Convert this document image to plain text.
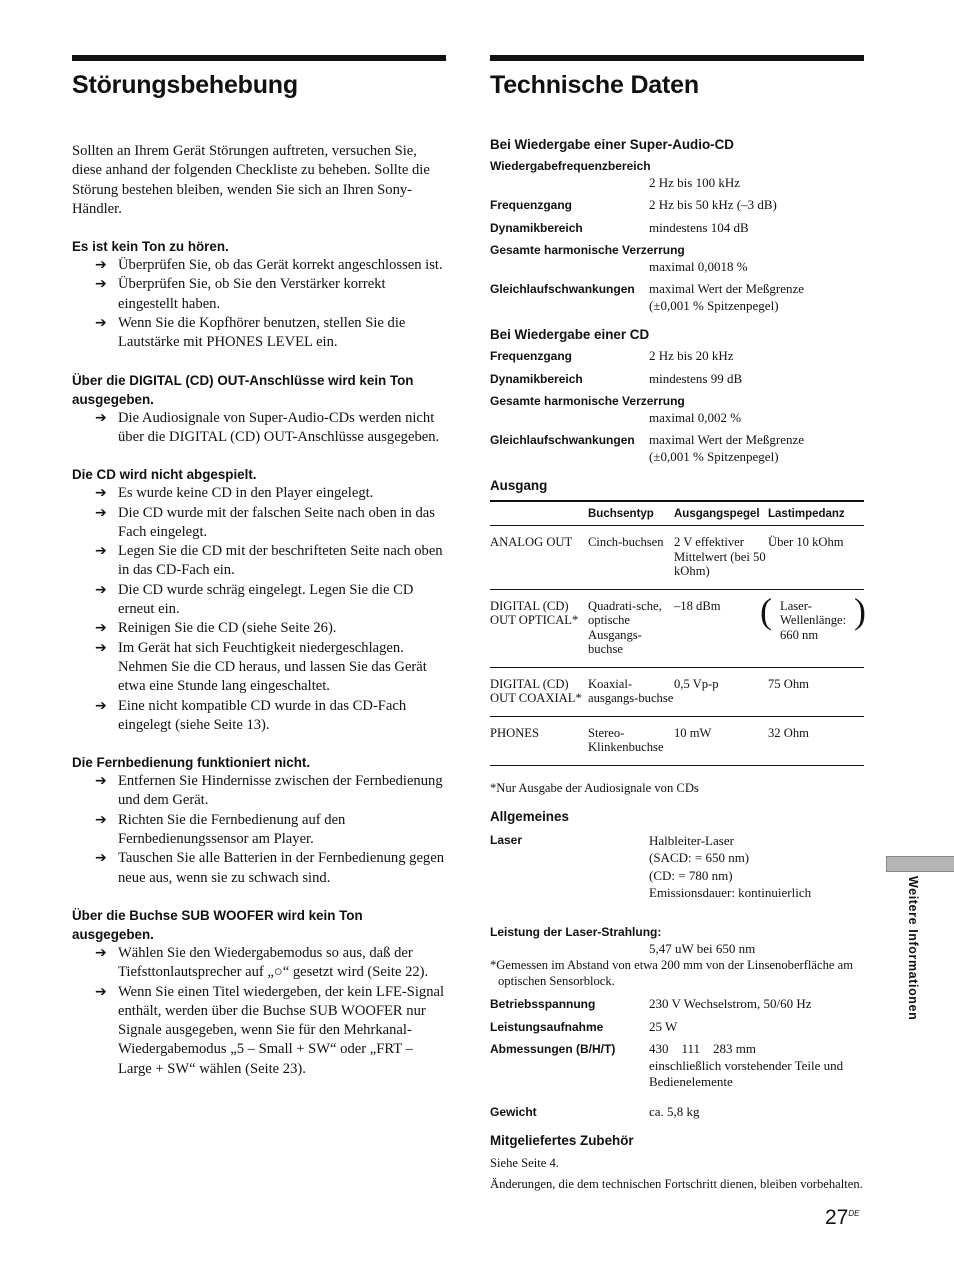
Störungsbehebung
Sollten an Ihrem Gerät Störungen auftreten, versuchen Sie, diese anhand der folgenden Checkliste zu beheben. Sollte die Störung bestehen bleiben, wenden Sie sich an Ihren Sony-Händler.
Es ist kein Ton zu hören.
➔ Überprüfen Sie, ob das Gerät korrekt angeschlossen ist.
➔ Überprüfen Sie, ob Sie den Verstärker korrekt eingestellt haben.
➔ Wenn Sie die Kopfhörer benutzen, stellen Sie die Lautstärke mit PHONES LEVEL ein.
Über die DIGITAL (CD) OUT-Anschlüsse wird kein Ton ausgegeben.
➔ Die Audiosignale von Super-Audio-CDs werden nicht über die DIGITAL (CD) OUT-Anschlüsse ausgegeben.
Die CD wird nicht abgespielt.
➔ Es wurde keine CD in den Player eingelegt.
➔ Die CD wurde mit der falschen Seite nach oben in das Fach eingelegt.
➔ Legen Sie die CD mit der beschrifteten Seite nach oben in das CD-Fach ein.
➔ Die CD wurde schräg eingelegt. Legen Sie die CD erneut ein.
➔ Reinigen Sie die CD (siehe Seite 26).
➔ Im Gerät hat sich Feuchtigkeit niedergeschlagen. Nehmen Sie die CD heraus, und lassen Sie das Gerät etwa eine Stunde lang eingeschaltet.
➔ Eine nicht kompatible CD wurde in das CD-Fach eingelegt (siehe Seite 13).
Die Fernbedienung funktioniert nicht.
➔ Entfernen Sie Hindernisse zwischen der Fernbedienung und dem Gerät.
➔ Richten Sie die Fernbedienung auf den Fernbedienungssensor am Player.
➔ Tauschen Sie alle Batterien in der Fernbedienung gegen neue aus, wenn sie zu schwach sind.
Über die Buchse SUB WOOFER wird kein Ton ausgegeben.
➔ Wählen Sie den Wiedergabemodus so aus, daß der Tiefsttonlautsprecher auf „○“ gesetzt wird (Seite 22).
➔ Wenn Sie einen Titel wiedergeben, der kein LFE-Signal enthält, werden über die Buchse SUB WOOFER nur Signale ausgegeben, wenn Sie für den Mehrkanal-Wiedergabemodus „5 – Small + SW“ oder „FRT – Large + SW“ wählen (Seite 23).
Technische Daten
Bei Wiedergabe einer Super-Audio-CD
Wiedergabefrequenzbereich
2 Hz bis 100 kHz
Frequenzgang	2 Hz bis 50 kHz (–3 dB)
Dynamikbereich	mindestens 104 dB
Gesamte harmonische Verzerrung
maximal 0,0018 %
Gleichlaufschwankungen	maximal Wert der Meßgrenze
(±0,001 % Spitzenpegel)
Bei Wiedergabe einer CD
Frequenzgang	2 Hz bis 20 kHz
Dynamikbereich	mindestens 99 dB
Gesamte harmonische Verzerrung
maximal 0,002 %
Gleichlaufschwankungen	maximal Wert der Meßgrenze
(±0,001 % Spitzenpegel)
Ausgang
	Buchsentyp	Ausgangspegel	Lastimpedanz
ANALOG OUT	Cinch-buchsen	2 V effektiver Mittelwert (bei 50 kOhm)	Über 10 kOhm
DIGITAL (CD) OUT OPTICAL*	Quadrati-sche, optische Ausgangs-buchse	–18 dBm	( Laser-Wellenlänge: 660 nm )

DIGITAL (CD) OUT COAXIAL*	Koaxial-ausgangs-buchse	0,5 Vp-p	75 Ohm
PHONES	Stereo-Klinkenbuchse	10 mW	32 Ohm
*Nur Ausgabe der Audiosignale von CDs
Allgemeines
Laser	Halbleiter-Laser
(SACD: = 650 nm)
(CD: = 780 nm)
Emissionsdauer: kontinuierlich
Leistung der Laser-Strahlung:
5,47 uW bei 650 nm
*Gemessen im Abstand von etwa 200 mm von der Linsenoberfläche am optischen Sensorblock.
Betriebsspannung	230 V Wechselstrom, 50/60 Hz
Leistungsaufnahme	25 W
Abmessungen (B/H/T)	430    111    283 mm
einschließlich vorstehender Teile und Bedienelemente
Gewicht	ca. 5,8 kg
Mitgeliefertes Zubehör
Siehe Seite 4.
Änderungen, die dem technischen Fortschritt dienen, bleiben vorbehalten.
Weitere Informationen
27DE
